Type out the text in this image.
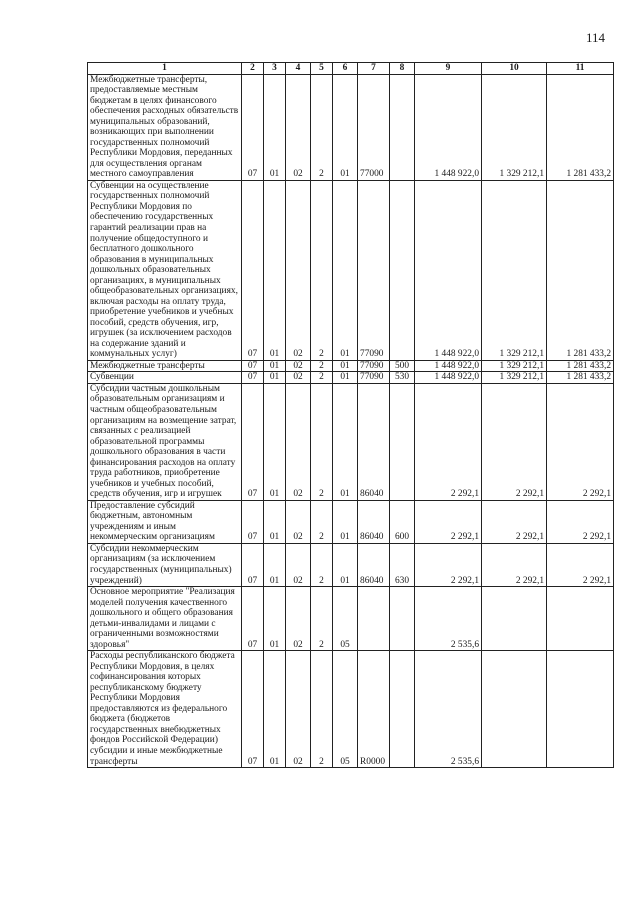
114
1	2	3	4	5	6	7	8	9	10	11
Межбюджетные трансферты, предоставляемые местным бюджетам в целях финансового обеспечения расходных обязательств муниципальных образований, возникающих при выполнении государственных полномочий Республики Мордовия, переданных для осуществления органам местного самоуправления	07	01	02	2	01	77000		1 448 922,0	1 329 212,1	1 281 433,2
Субвенции на осуществление государственных полномочий Республики Мордовия по обеспечению государственных гарантий реализации прав на получение общедоступного и бесплатного дошкольного образования в муниципальных дошкольных образовательных организациях, в муниципальных общеобразовательных организациях, включая расходы на оплату труда, приобретение учебников и учебных пособий, средств обучения, игр, игрушек (за исключением расходов на содержание зданий и коммунальных услуг)	07	01	02	2	01	77090		1 448 922,0	1 329 212,1	1 281 433,2
Межбюджетные трансферты	07	01	02	2	01	77090	500	1 448 922,0	1 329 212,1	1 281 433,2
Субвенции	07	01	02	2	01	77090	530	1 448 922,0	1 329 212,1	1 281 433,2
Субсидии частным дошкольным образовательным организациям и частным общеобразовательным организациям на возмещение затрат, связанных с реализацией образовательной программы дошкольного образования в части финансирования расходов на оплату труда работников, приобретение учебников и учебных пособий, средств обучения, игр и игрушек	07	01	02	2	01	86040		2 292,1	2 292,1	2 292,1
Предоставление субсидий бюджетным, автономным учреждениям и иным некоммерческим организациям	07	01	02	2	01	86040	600	2 292,1	2 292,1	2 292,1
Субсидии некоммерческим организациям (за исключением государственных (муниципальных) учреждений)	07	01	02	2	01	86040	630	2 292,1	2 292,1	2 292,1
Основное мероприятие "Реализация моделей получения качественного дошкольного и общего образования детьми-инвалидами и лицами с ограниченными возможностями здоровья"	07	01	02	2	05			2 535,6		
Расходы республиканского бюджета Республики Мордовия, в целях софинансирования которых республиканскому бюджету Республики Мордовия предоставляются из федерального бюджета (бюджетов государственных внебюджетных фондов Российской Федерации) субсидии и иные межбюджетные трансферты	07	01	02	2	05	R0000		2 535,6		
